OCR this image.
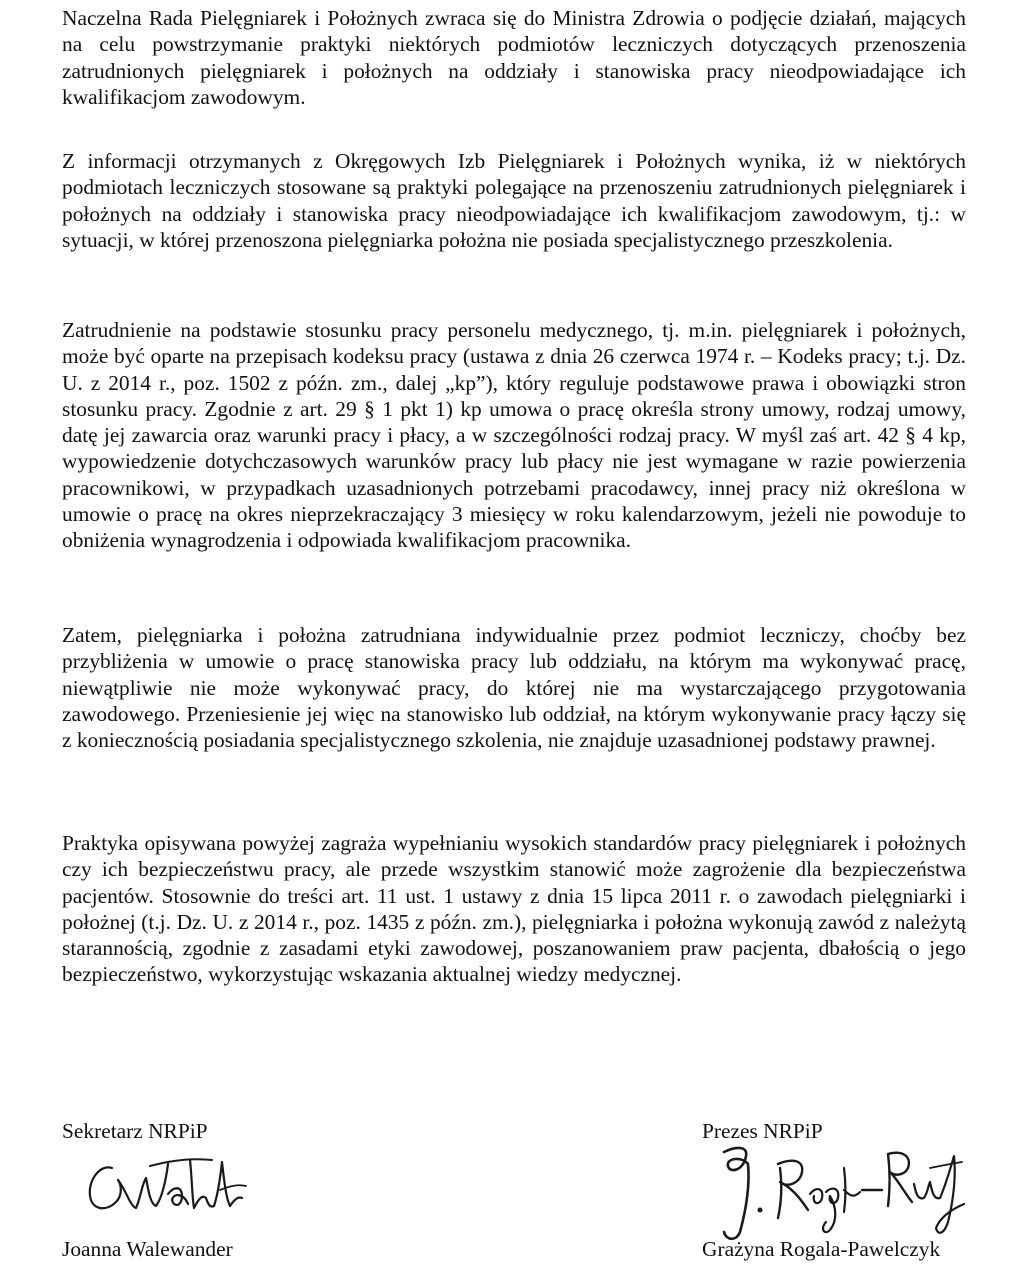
Naczelna Rada Pielęgniarek i Położnych zwraca się do Ministra Zdrowia o podjęcie działań, mających na celu powstrzymanie praktyki niektórych podmiotów leczniczych dotyczących przenoszenia zatrudnionych pielęgniarek i położnych na oddziały i stanowiska pracy nieodpowiadające ich kwalifikacjom zawodowym.

Z informacji otrzymanych z Okręgowych Izb Pielęgniarek i Położnych wynika, iż w niektórych podmiotach leczniczych stosowane są praktyki polegające na przenoszeniu zatrudnionych pielęgniarek i położnych na oddziały i stanowiska pracy nieodpowiadające ich kwalifikacjom zawodowym, tj.: w sytuacji, w której przenoszona pielęgniarka położna nie posiada specjalistycznego przeszkolenia.

Zatrudnienie na podstawie stosunku pracy personelu medycznego, tj. m.in. pielęgniarek i położnych, może być oparte na przepisach kodeksu pracy (ustawa z dnia 26 czerwca 1974 r. – Kodeks pracy; t.j. Dz. U. z 2014 r., poz. 1502 z późn. zm., dalej „kp”), który reguluje podstawowe prawa i obowiązki stron stosunku pracy. Zgodnie z art. 29 § 1 pkt 1) kp umowa o pracę określa strony umowy, rodzaj umowy, datę jej zawarcia oraz warunki pracy i płacy, a w szczególności rodzaj pracy. W myśl zaś art. 42 § 4 kp, wypowiedzenie dotychczasowych warunków pracy lub płacy nie jest wymagane w razie powierzenia pracownikowi, w przypadkach uzasadnionych potrzebami pracodawcy, innej pracy niż określona w umowie o pracę na okres nieprzekraczający 3 miesięcy w roku kalendarzowym, jeżeli nie powoduje to obniżenia wynagrodzenia i odpowiada kwalifikacjom pracownika.

Zatem, pielęgniarka i położna zatrudniana indywidualnie przez podmiot leczniczy, choćby bez przybliżenia w umowie o pracę stanowiska pracy lub oddziału, na którym ma wykonywać pracę, niewątpliwie nie może wykonywać pracy, do której nie ma wystarczającego przygotowania zawodowego. Przeniesienie jej więc na stanowisko lub oddział, na którym wykonywanie pracy łączy się z koniecznością posiadania specjalistycznego szkolenia, nie znajduje uzasadnionej podstawy prawnej.

Praktyka opisywana powyżej zagraża wypełnianiu wysokich standardów pracy pielęgniarek i położnych czy ich bezpieczeństwu pracy, ale przede wszystkim stanowić może zagrożenie dla bezpieczeństwa pacjentów. Stosownie do treści art. 11 ust. 1 ustawy z dnia 15 lipca 2011 r. o zawodach pielęgniarki i położnej (t.j. Dz. U. z 2014 r., poz. 1435 z późn. zm.), pielęgniarka i położna wykonują zawód z należytą starannością, zgodnie z zasadami etyki zawodowej, poszanowaniem praw pacjenta, dbałością o jego bezpieczeństwo, wykorzystując wskazania aktualnej wiedzy medycznej.

Sekretarz NRPiP
Joanna Walewander
Prezes NRPiP
Grażyna Rogala-Pawelczyk
